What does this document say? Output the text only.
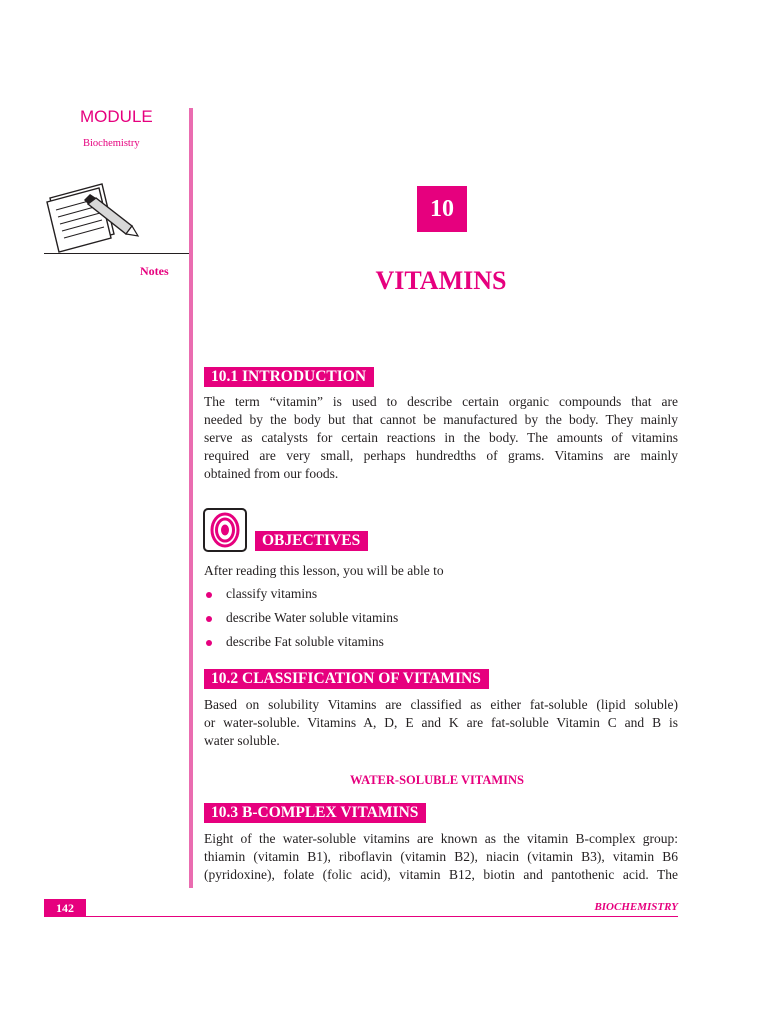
MODULE
Biochemistry
Notes
10
VITAMINS
10.1 INTRODUCTION
The term “vitamin” is used to describe certain organic compounds that are
needed by the body but that cannot be manufactured by the body. They mainly
serve as catalysts for certain reactions in the body. The amounts of vitamins
required are very small, perhaps hundredths of grams. Vitamins are mainly
obtained from our foods.
OBJECTIVES
After reading this lesson, you will be able to
classify vitamins
describe Water soluble vitamins
describe Fat soluble vitamins
10.2 CLASSIFICATION OF VITAMINS
Based on solubility Vitamins are classified as either fat-soluble (lipid soluble)
or water-soluble. Vitamins A, D, E and K are fat-soluble Vitamin C and B is
water soluble.
WATER-SOLUBLE VITAMINS
10.3 B-COMPLEX VITAMINS
Eight of the water-soluble vitamins are known as the vitamin B-complex group:
thiamin (vitamin B1), riboflavin (vitamin B2), niacin (vitamin B3), vitamin B6
(pyridoxine), folate (folic acid), vitamin B12, biotin and pantothenic acid. The
142	BIOCHEMISTRY
